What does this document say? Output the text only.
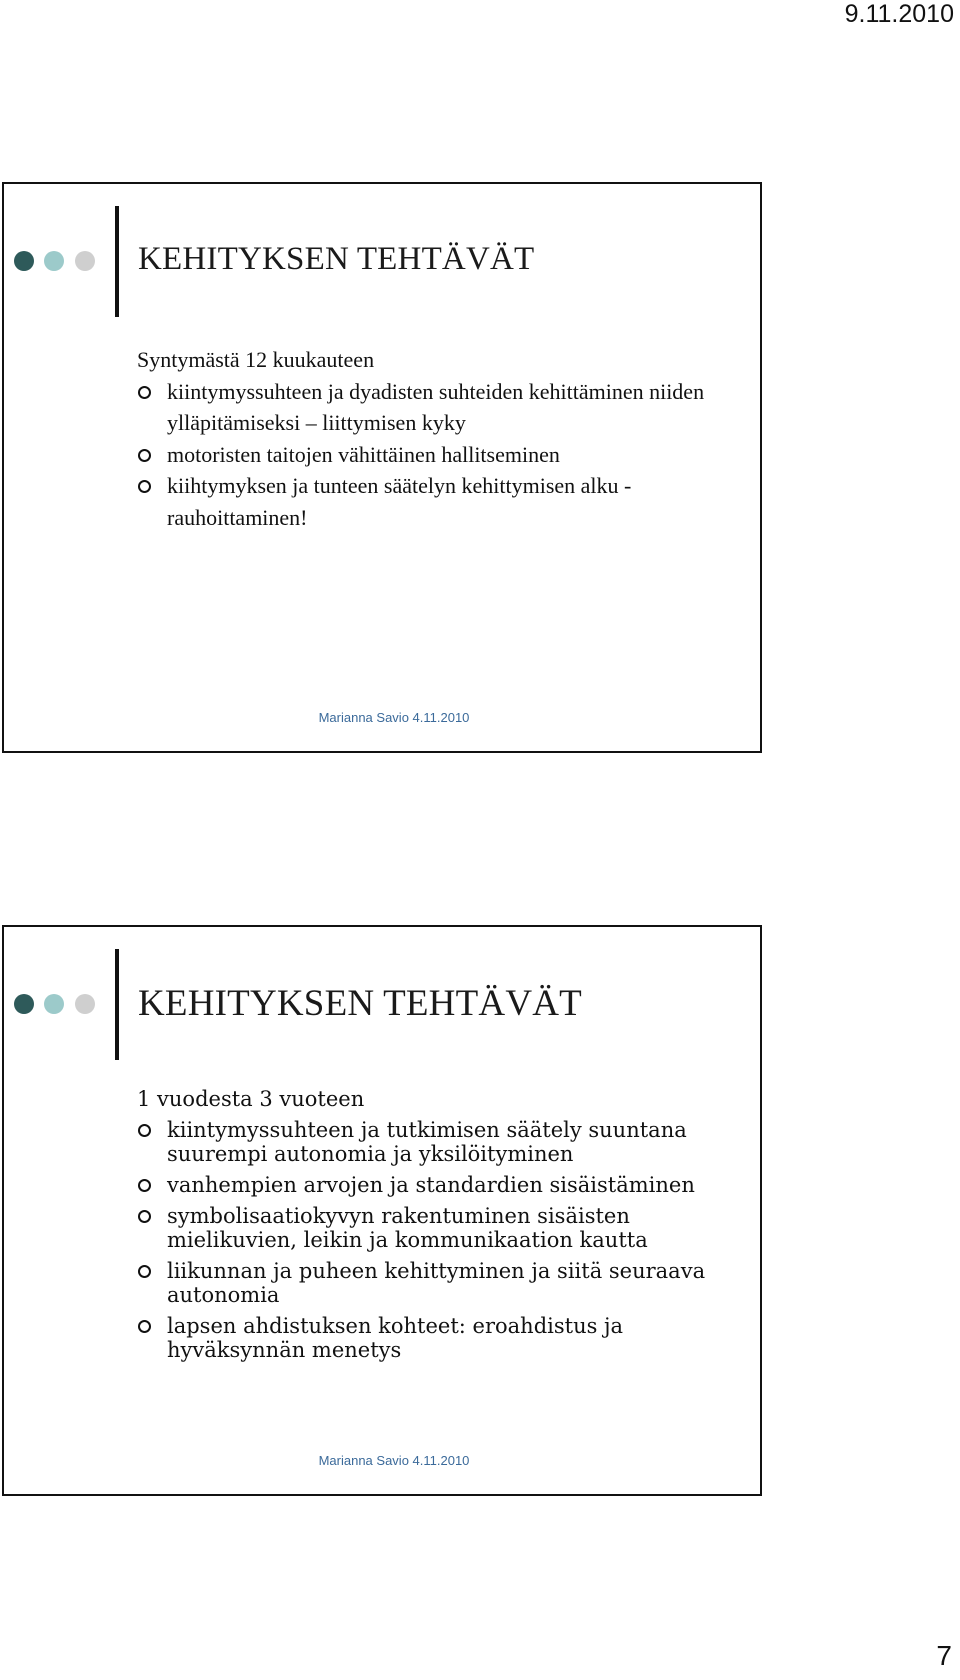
9.11.2010
KEHITYKSEN TEHTÄVÄT

Syntymästä 12 kuukauteen

kiintymyssuhteen ja dyadisten suhteiden kehittäminen niiden ylläpitämiseksi – liittymisen kyky
motoristen taitojen vähittäinen hallitseminen
kiihtymyksen ja tunteen säätelyn kehittymisen alku - rauhoittaminen!
Marianna Savio 4.11.2010
KEHITYKSEN TEHTÄVÄT

1 vuodesta 3 vuoteen

kiintymyssuhteen ja tutkimisen säätely suuntana suurempi autonomia ja yksilöityminen
vanhempien arvojen ja standardien sisäistäminen
symbolisaatiokyvyn rakentuminen sisäisten mielikuvien, leikin ja kommunikaation kautta
liikunnan ja puheen kehittyminen ja siitä seuraava autonomia
lapsen ahdistuksen kohteet: eroahdistus ja hyväksynnän menetys
Marianna Savio 4.11.2010
7
